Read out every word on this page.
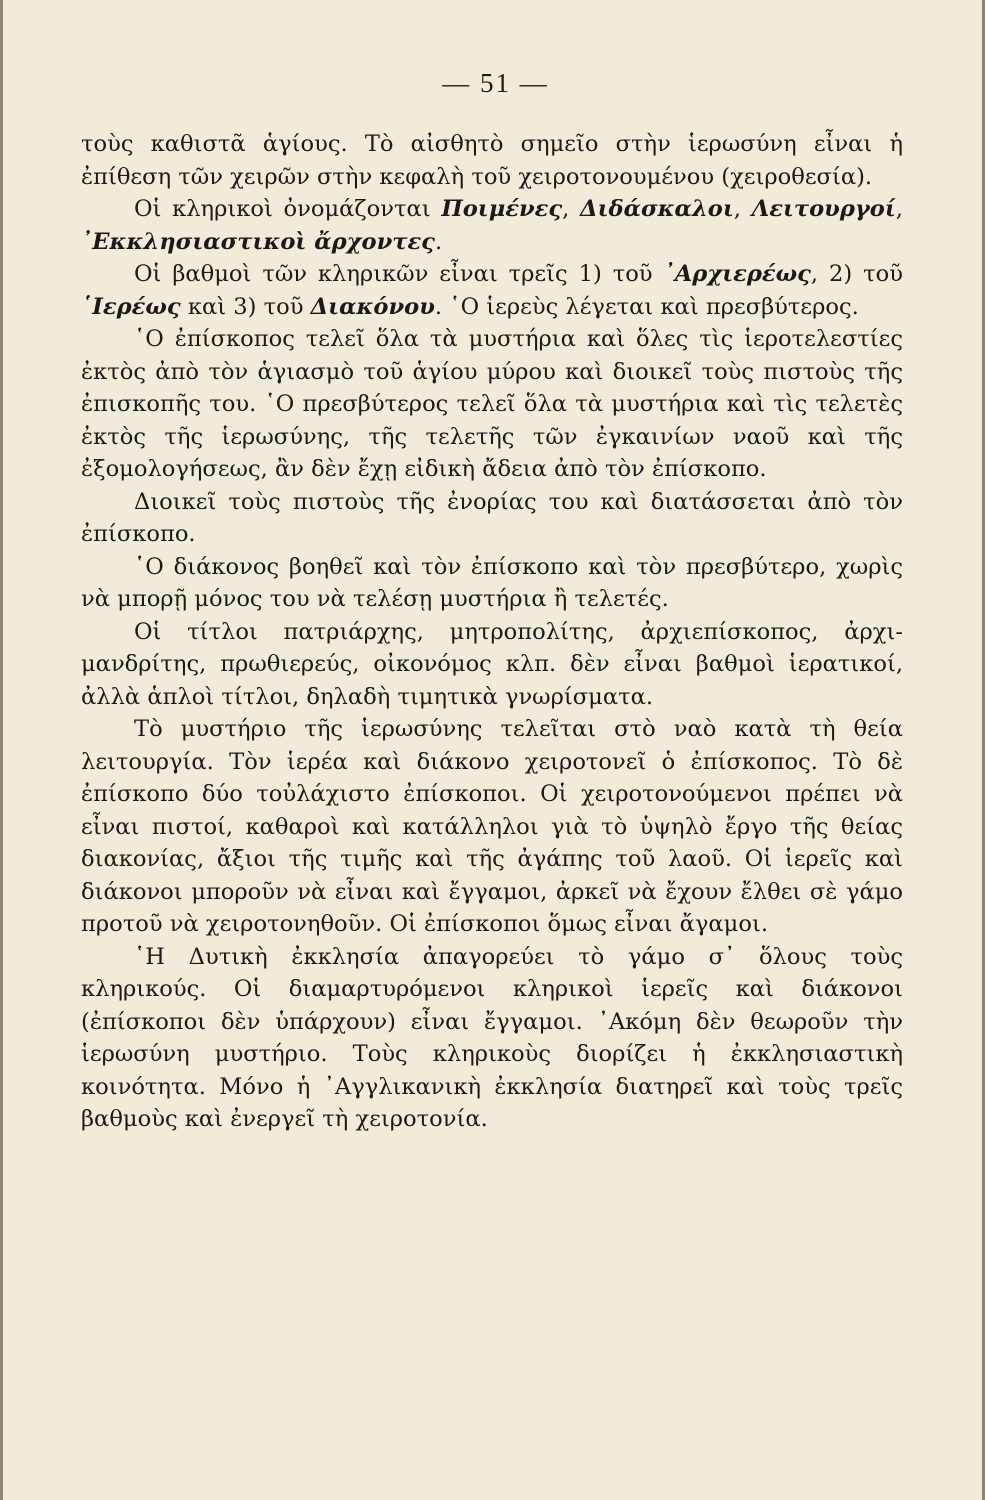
— 51 —

τοὺς καθιστᾶ ἁγίους. Τὸ αἰσθητὸ σημεῖο στὴν ἱερωσύνη εἶναι ἡ ἐπίθεση τῶν χειρῶν στὴν κεφαλὴ τοῦ χειροτονουμένου (χειροθεσία).

Οἱ κληρικοὶ ὀνομάζονται Ποιμένες, Διδάσκαλοι, Λειτουργοί, ᾿Εκκλησιαστικοὶ ἄρχοντες.

Οἱ βαθμοὶ τῶν κληρικῶν εἶναι τρεῖς 1) τοῦ ᾿Αρχιερέως, 2) τοῦ ῾Ιερέως καὶ 3) τοῦ Διακόνου. ῾Ο ἱερεὺς λέγεται καὶ πρεσβύτερος.

῾Ο ἐπίσκοπος τελεῖ ὅλα τὰ μυστήρια καὶ ὅλες τὶς ἱεροτελεστίες ἐκτὸς ἀπὸ τὸν ἁγιασμὸ τοῦ ἁγίου μύρου καὶ διοικεῖ τοὺς πιστοὺς τῆς ἐπισκοπῆς του. ῾Ο πρεσβύτερος τελεῖ ὅλα τὰ μυστήρια καὶ τὶς τελετὲς ἐκτὸς τῆς ἱερωσύνης, τῆς τελετῆς τῶν ἐγκαινίων ναοῦ καὶ τῆς ἐξομολογήσεως, ἂν δὲν ἔχῃ εἰδικὴ ἄδεια ἀπὸ τὸν ἐπίσκοπο.

Διοικεῖ τοὺς πιστοὺς τῆς ἐνορίας του καὶ διατάσσεται ἀπὸ τὸν ἐπίσκοπο.

῾Ο διάκονος βοηθεῖ καὶ τὸν ἐπίσκοπο καὶ τὸν πρεσβύτερο, χωρὶς νὰ μπορῇ μόνος του νὰ τελέσῃ μυστήρια ἢ τελετές.

Οἱ τίτλοι πατριάρχης, μητροπολίτης, ἀρχιεπίσκοπος, ἀρχιμανδρίτης, πρωθιερεύς, οἰκονόμος κλπ. δὲν εἶναι βαθμοὶ ἱερατικοί, ἀλλὰ ἁπλοὶ τίτλοι, δηλαδὴ τιμητικὰ γνωρίσματα.

Τὸ μυστήριο τῆς ἱερωσύνης τελεῖται στὸ ναὸ κατὰ τὴ θεία λειτουργία. Τὸν ἱερέα καὶ διάκονο χειροτονεῖ ὁ ἐπίσκοπος. Τὸ δὲ ἐπίσκοπο δύο τοὐλάχιστο ἐπίσκοποι. Οἱ χειροτονούμενοι πρέπει νὰ εἶναι πιστοί, καθαροὶ καὶ κατάλληλοι γιὰ τὸ ὑψηλὸ ἔργο τῆς θείας διακονίας, ἄξιοι τῆς τιμῆς καὶ τῆς ἀγάπης τοῦ λαοῦ. Οἱ ἱερεῖς καὶ διάκονοι μποροῦν νὰ εἶναι καὶ ἔγγαμοι, ἀρκεῖ νὰ ἔχουν ἔλθει σὲ γάμο προτοῦ νὰ χειροτονηθοῦν. Οἱ ἐπίσκοποι ὅμως εἶναι ἄγαμοι.

῾Η Δυτικὴ ἐκκλησία ἀπαγορεύει τὸ γάμο σ᾿ ὅλους τοὺς κληρικούς. Οἱ διαμαρτυρόμενοι κληρικοὶ ἱερεῖς καὶ διάκονοι (ἐπίσκοποι δὲν ὑπάρχουν) εἶναι ἔγγαμοι. ᾿Ακόμη δὲν θεωροῦν τὴν ἱερωσύνη μυστήριο. Τοὺς κληρικοὺς διορίζει ἡ ἐκκλησιαστικὴ κοινότητα. Μόνο ἡ ᾿Αγγλικανικὴ ἐκκλησία διατηρεῖ καὶ τοὺς τρεῖς βαθμοὺς καὶ ἐνεργεῖ τὴ χειροτονία.
